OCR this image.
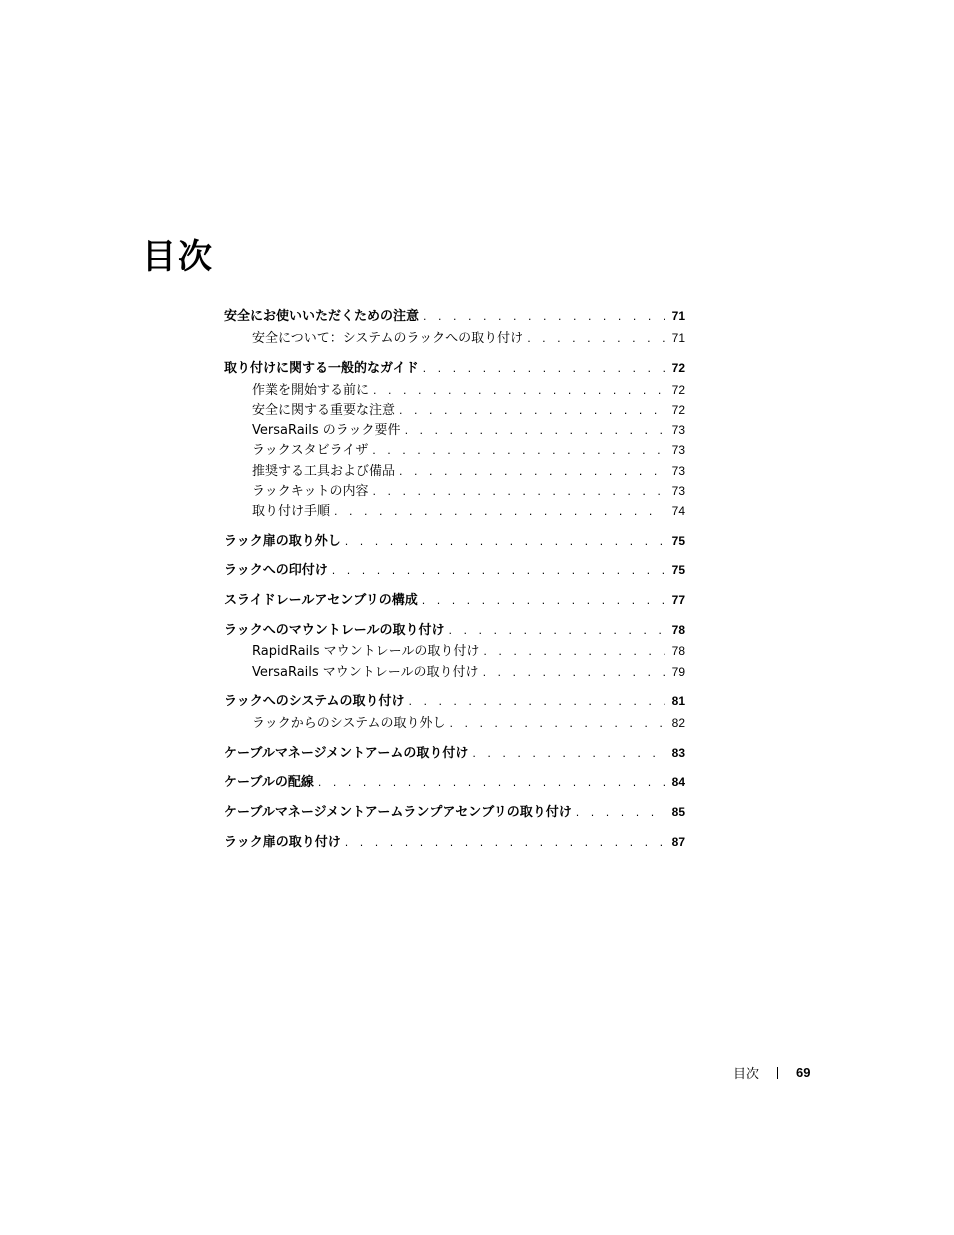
目次
安全にお使いいただくための注意 . . .	71
安全について：システムのラックへの取り付け . . .	71
取り付けに関する一般的なガイド . . .	72
作業を開始する前に . . .	72
安全に関する重要な注意 . . .	72
VersaRails のラック要件 . . .	73
ラックスタビライザ . . .	73
推奨する工具および備品 . . .	73
ラックキットの内容 . . .	73
取り付け手順 . . .	74
ラック扉の取り外し . . .	75
ラックへの印付け . . .	75
スライドレールアセンブリの構成 . . .	77
ラックへのマウントレールの取り付け . . .	78
RapidRails マウントレールの取り付け . . .	78
VersaRails マウントレールの取り付け . . .	79
ラックへのシステムの取り付け . . .	81
ラックからのシステムの取り外し . . .	82
ケーブルマネージメントアームの取り付け . . .	83
ケーブルの配線 . . .	84
ケーブルマネージメントアームランプアセンブリの取り付け . . .	85
ラック扉の取り付け . . .	87
目次	69
